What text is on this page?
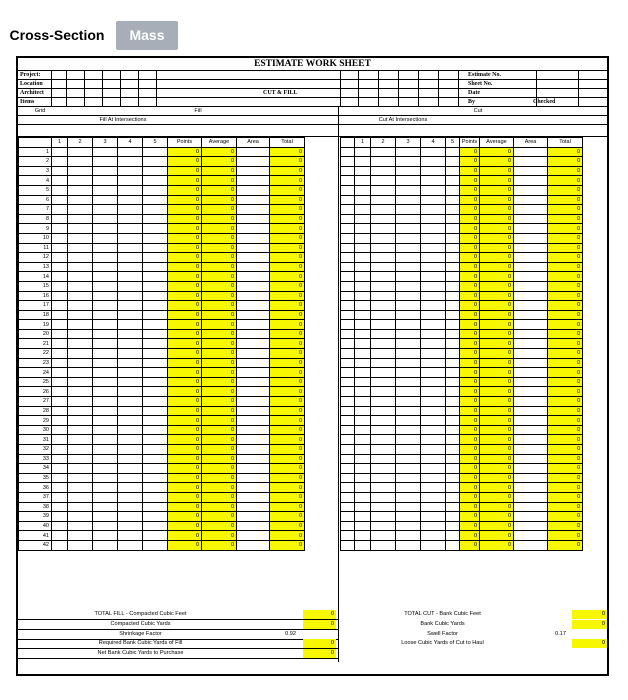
Cross-Section	Mass
ESTIMATE WORK SHEET
Project:
Location
Architect
Items
Grid
CUT & FILL
Estimate No.
Sheet No.
Date
By	Checked
Fill	Cut
Fill At Intersections	Cut At Intersections
	1	2	3	4	5	Points	Average	Area	Total
1						0	0		0
2						0	0		0
3						0	0		0
4						0	0		0
5						0	0		0
6						0	0		0
7						0	0		0
8						0	0		0
9						0	0		0
10						0	0		0
11						0	0		0
12						0	0		0
13						0	0		0
14						0	0		0
15						0	0		0
16						0	0		0
17						0	0		0
18						0	0		0
19						0	0		0
20						0	0		0
21						0	0		0
22						0	0		0
23						0	0		0
24						0	0		0
25						0	0		0
26						0	0		0
27						0	0		0
28						0	0		0
29						0	0		0
30						0	0		0
31						0	0		0
32						0	0		0
33						0	0		0
34						0	0		0
35						0	0		0
36						0	0		0
37						0	0		0
38						0	0		0
39						0	0		0
40						0	0		0
41						0	0		0
42						0	0		0
	1	2	3	4	5	Points	Average	Area	Total
						0	0		0
						0	0		0
						0	0		0
						0	0		0
						0	0		0
						0	0		0
						0	0		0
						0	0		0
						0	0		0
						0	0		0
						0	0		0
						0	0		0
						0	0		0
						0	0		0
						0	0		0
						0	0		0
						0	0		0
						0	0		0
						0	0		0
						0	0		0
						0	0		0
						0	0		0
						0	0		0
						0	0		0
						0	0		0
						0	0		0
						0	0		0
						0	0		0
						0	0		0
						0	0		0
						0	0		0
						0	0		0
						0	0		0
						0	0		0
						0	0		0
						0	0		0
						0	0		0
						0	0		0
						0	0		0
						0	0		0
						0	0		0
						0	0		0
TOTAL FILL - Compacted Cubic Feet	0
Compacted Cubic Yards	0
Shrinkage Factor	0.92
Required Bank Cubic Yards of Fill	0
Net Bank Cubic Yards to Purchase	0
TOTAL CUT - Bank Cubic Feet	0
Bank Cubic Yards	0
Swell Factor	0.17
Loose Cubic Yards of Cut to Haul	0
